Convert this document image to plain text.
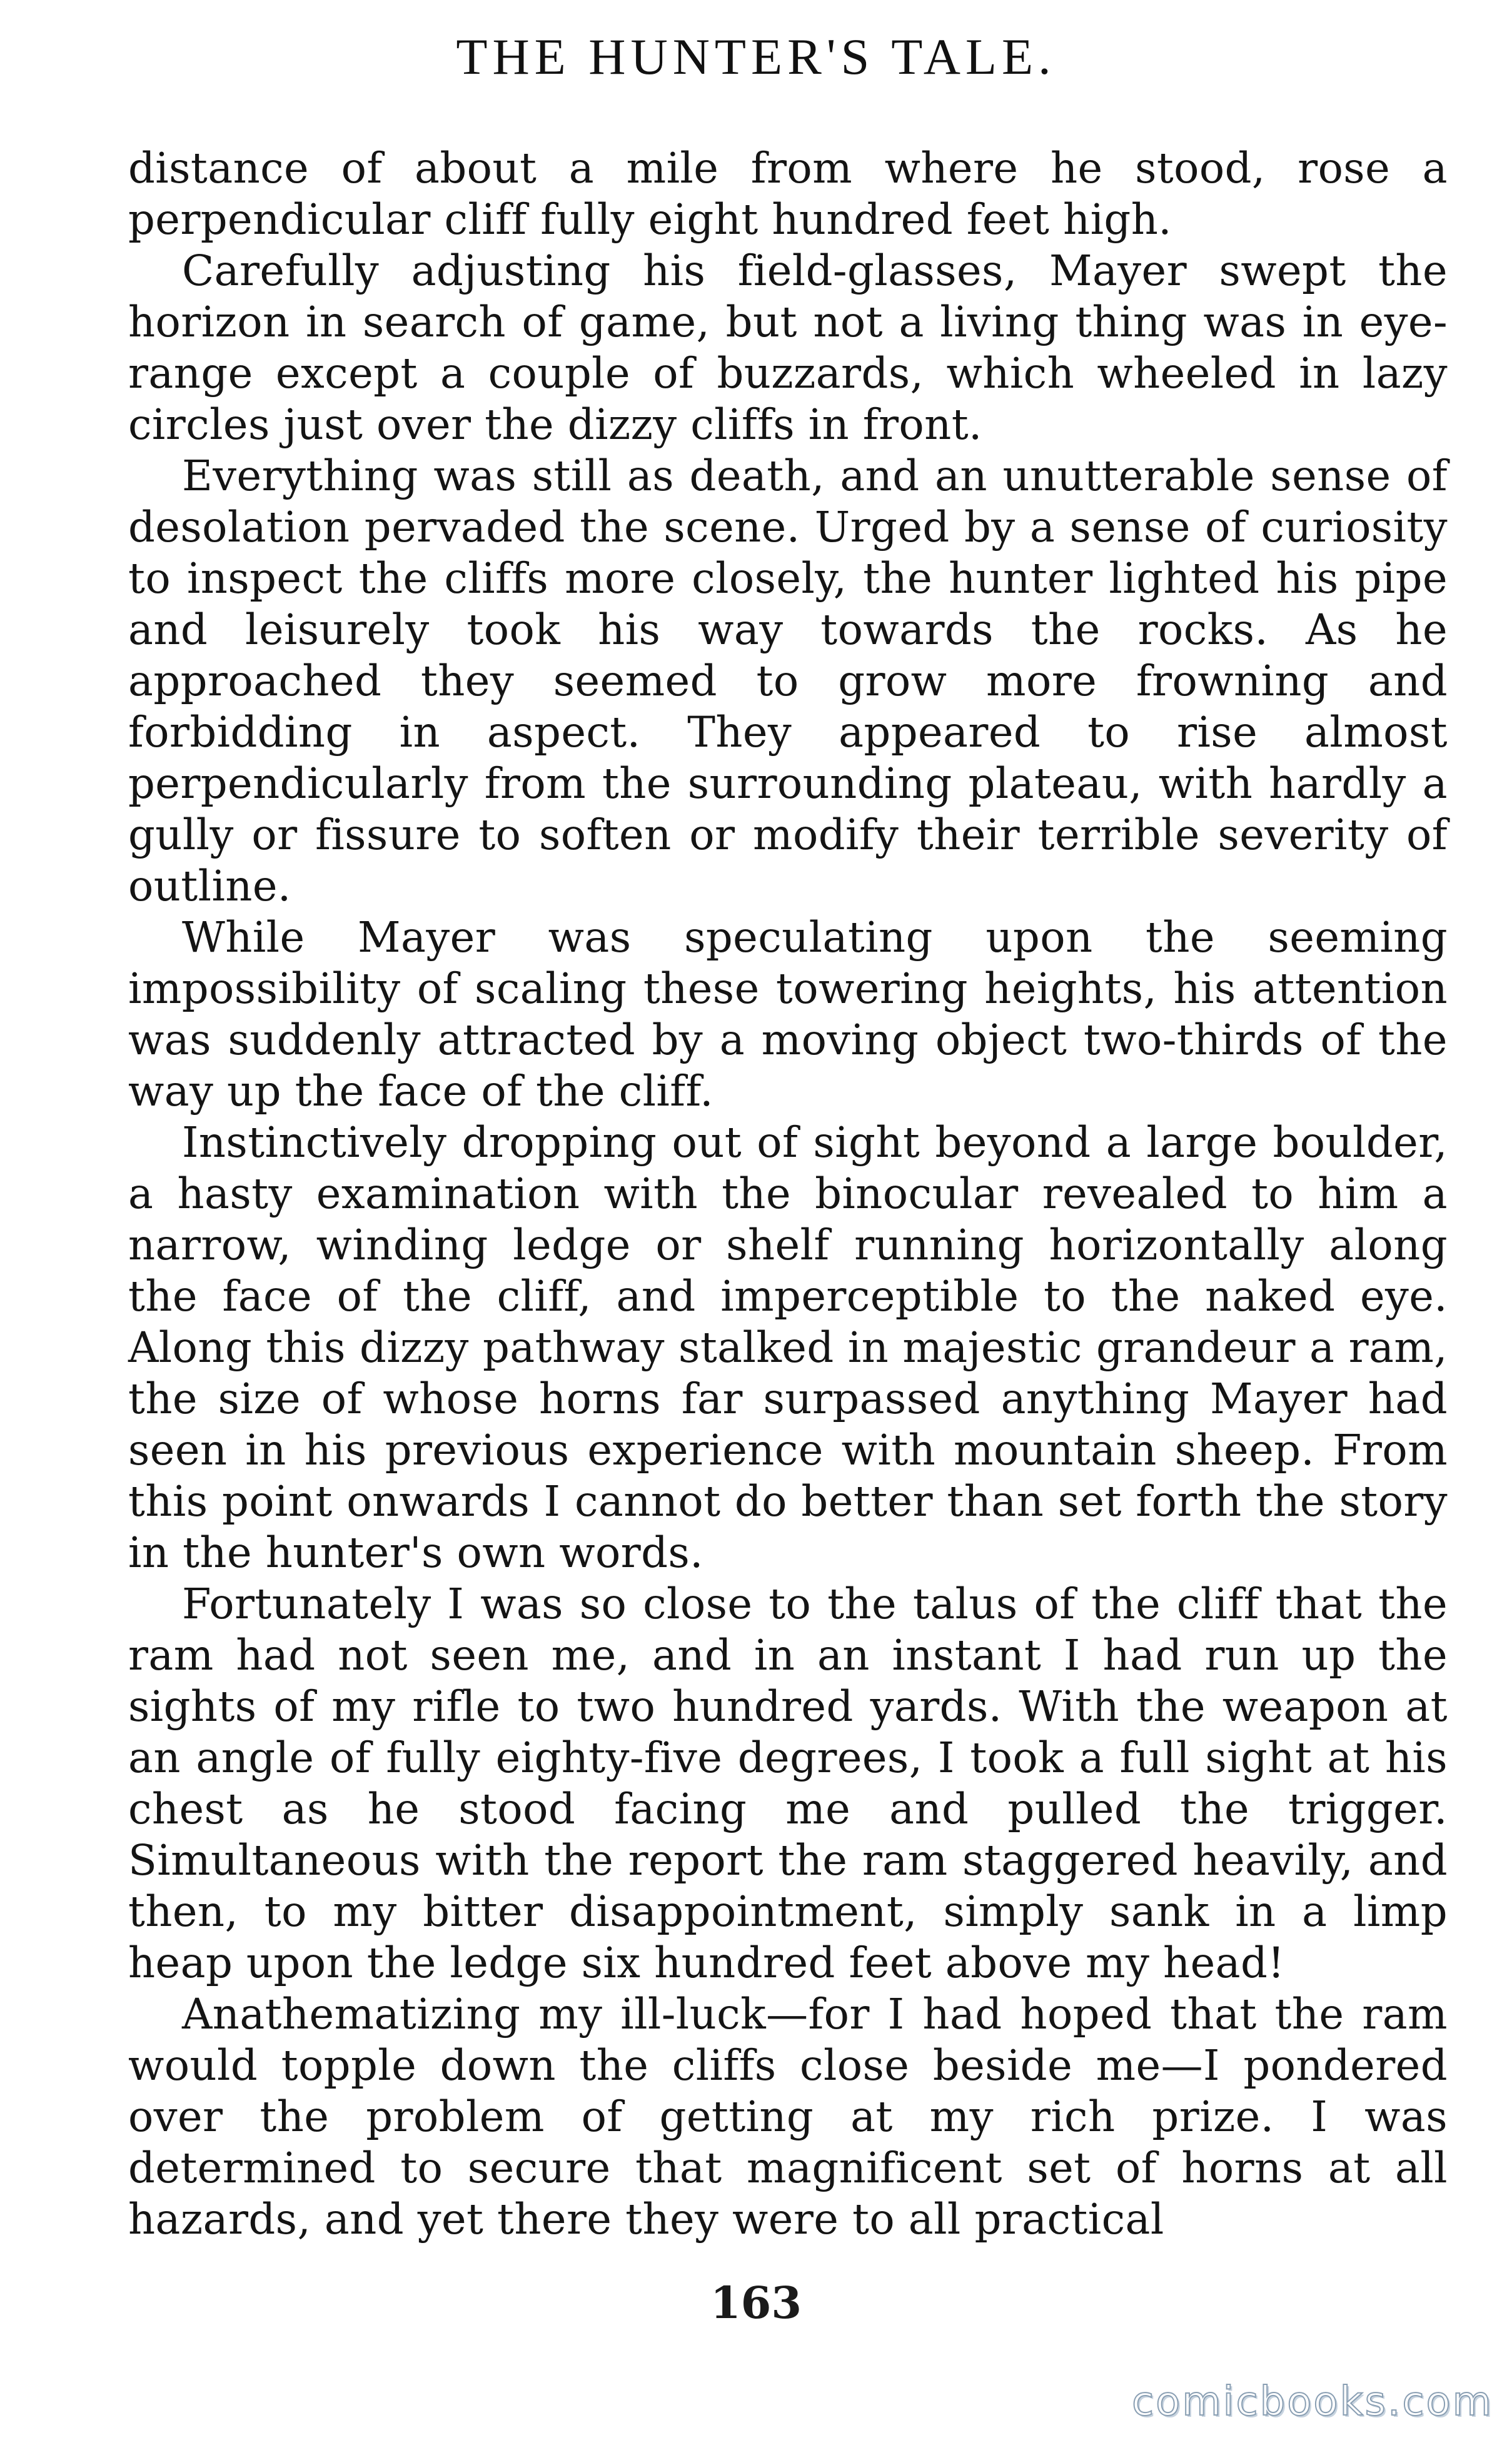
THE HUNTER'S TALE.

distance of about a mile from where he stood, rose a perpendicular cliff fully eight hundred feet high.

Carefully adjusting his field-glasses, Mayer swept the horizon in search of game, but not a living thing was in eye-range except a couple of buzzards, which wheeled in lazy circles just over the dizzy cliffs in front.

Everything was still as death, and an unutterable sense of desolation pervaded the scene. Urged by a sense of curiosity to inspect the cliffs more closely, the hunter lighted his pipe and leisurely took his way towards the rocks. As he approached they seemed to grow more frowning and forbidding in aspect. They appeared to rise almost perpendicularly from the surrounding plateau, with hardly a gully or fissure to soften or modify their terrible severity of outline.

While Mayer was speculating upon the seeming impossibility of scaling these towering heights, his attention was suddenly attracted by a moving object two-thirds of the way up the face of the cliff.

Instinctively dropping out of sight beyond a large boulder, a hasty examination with the binocular revealed to him a narrow, winding ledge or shelf running horizontally along the face of the cliff, and imperceptible to the naked eye. Along this dizzy pathway stalked in majestic grandeur a ram, the size of whose horns far surpassed anything Mayer had seen in his previous experience with mountain sheep. From this point onwards I cannot do better than set forth the story in the hunter's own words.

Fortunately I was so close to the talus of the cliff that the ram had not seen me, and in an instant I had run up the sights of my rifle to two hundred yards. With the weapon at an angle of fully eighty-five degrees, I took a full sight at his chest as he stood facing me and pulled the trigger. Simultaneous with the report the ram staggered heavily, and then, to my bitter disappointment, simply sank in a limp heap upon the ledge six hundred feet above my head!

Anathematizing my ill-luck—for I had hoped that the ram would topple down the cliffs close beside me—I pondered over the problem of getting at my rich prize. I was determined to secure that magnificent set of horns at all hazards, and yet there they were to all practical

163
comicbooks.com
